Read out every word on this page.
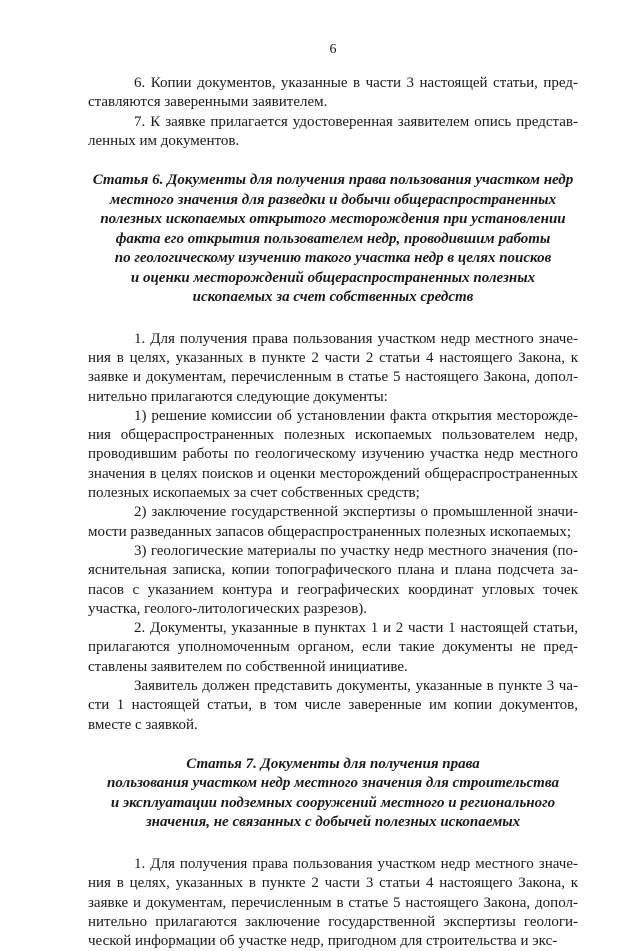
6

6. Копии документов, указанные в части 3 настоящей статьи, представляются заверенными заявителем.

7. К заявке прилагается удостоверенная заявителем опись представленных им документов.

Статья 6. Документы для получения права пользования участком недр
местного значения для разведки и добычи общераспространенных
полезных ископаемых открытого месторождения при установлении
факта его открытия пользователем недр, проводившим работы
по геологическому изучению такого участка недр в целях поисков
и оценки месторождений общераспространенных полезных
ископаемых за счет собственных средств

1. Для получения права пользования участком недр местного значения в целях, указанных в пункте 2 части 2 статьи 4 настоящего Закона, к заявке и документам, перечисленным в статье 5 настоящего Закона, дополнительно прилагаются следующие документы:

1) решение комиссии об установлении факта открытия месторождения общераспространенных полезных ископаемых пользователем недр, проводившим работы по геологическому изучению участка недр местного значения в целях поисков и оценки месторождений общераспространенных полезных ископаемых за счет собственных средств;

2) заключение государственной экспертизы о промышленной значимости разведанных запасов общераспространенных полезных ископаемых;

3) геологические материалы по участку недр местного значения (пояснительная записка, копии топографического плана и плана подсчета запасов с указанием контура и географических координат угловых точек участка, геолого-литологических разрезов).

2. Документы, указанные в пунктах 1 и 2 части 1 настоящей статьи, прилагаются уполномоченным органом, если такие документы не представлены заявителем по собственной инициативе.

Заявитель должен представить документы, указанные в пункте 3 части 1 настоящей статьи, в том числе заверенные им копии документов, вместе с заявкой.

Статья 7. Документы для получения права
пользования участком недр местного значения для строительства
и эксплуатации подземных сооружений местного и регионального
значения, не связанных с добычей полезных ископаемых

1. Для получения права пользования участком недр местного значения в целях, указанных в пункте 2 части 3 статьи 4 настоящего Закона, к заявке и документам, перечисленным в статье 5 настоящего Закона, дополнительно прилагаются заключение государственной экспертизы геологической информации об участке недр, пригодном для строительства и экс-
